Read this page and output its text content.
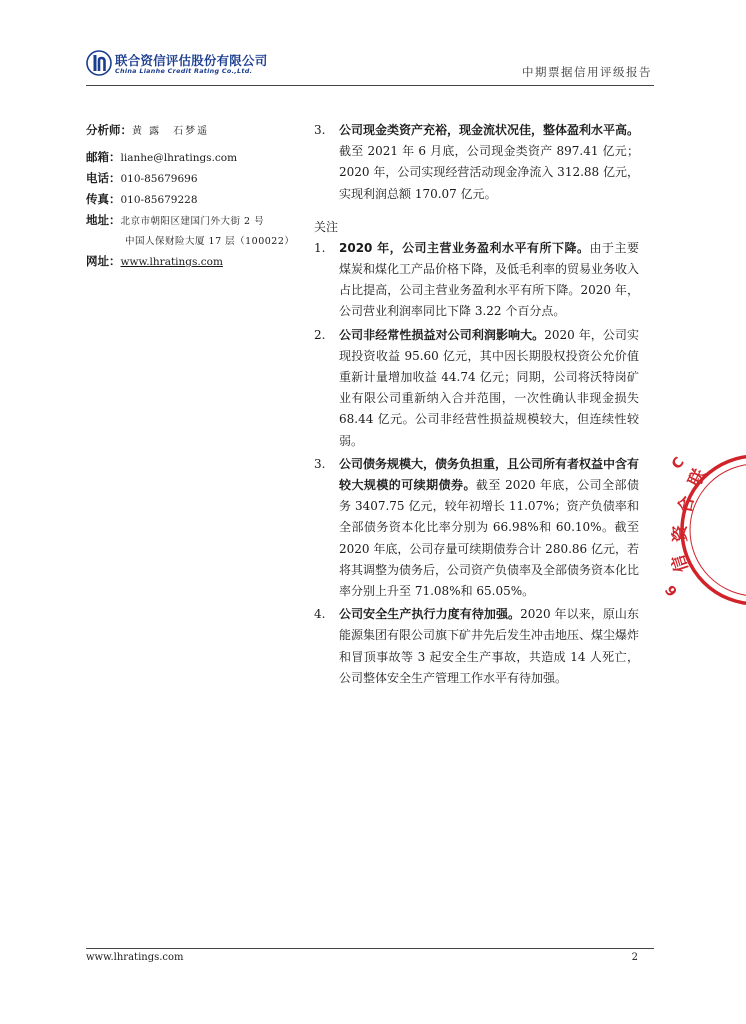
联合资信评估股份有限公司
China Lianhe Credit Rating Co.,Ltd.	中期票据信用评级报告
分析师：黄 露　石梦遥
邮箱：lianhe@lhratings.com
电话：010-85679696
传真：010-85679228
地址：北京市朝阳区建国门外大街 2 号
中国人保财险大厦 17 层（100022）
网址：www.lhratings.com
3. 公司现金类资产充裕，现金流状况佳，整体盈利水平高。截至 2021 年 6 月底，公司现金类资产 897.41 亿元；2020 年，公司实现经营活动现金净流入 312.88 亿元，实现利润总额 170.07 亿元。
关注
1. 2020 年，公司主营业务盈利水平有所下降。由于主要煤炭和煤化工产品价格下降，及低毛利率的贸易业务收入占比提高，公司主营业务盈利水平有所下降。2020 年，公司营业利润率同比下降 3.22 个百分点。
2. 公司非经常性损益对公司利润影响大。2020 年，公司实现投资收益 95.60 亿元，其中因长期股权投资公允价值重新计量增加收益 44.74 亿元；同期，公司将沃特岗矿业有限公司重新纳入合并范围，一次性确认非现金损失 68.44 亿元。公司非经营性损益规模较大，但连续性较弱。
3. 公司债务规模大，债务负担重，且公司所有者权益中含有较大规模的可续期债券。截至 2020 年底，公司全部债务 3407.75 亿元，较年初增长 11.07%；资产负债率和全部债务资本化比率分别为 66.98%和 60.10%。截至 2020 年底，公司存量可续期债券合计 280.86 亿元，若将其调整为债务后，公司资产负债率及全部债务资本化比率分别上升至 71.08%和 65.05%。
4. 公司安全生产执行力度有待加强。2020 年以来，原山东能源集团有限公司旗下矿井先后发生冲击地压、煤尘爆炸和冒顶事故等 3 起安全生产事故，共造成 14 人死亡，公司整体安全生产管理工作水平有待加强。
联
合
资
信
C
6
www.lhratings.com	2
